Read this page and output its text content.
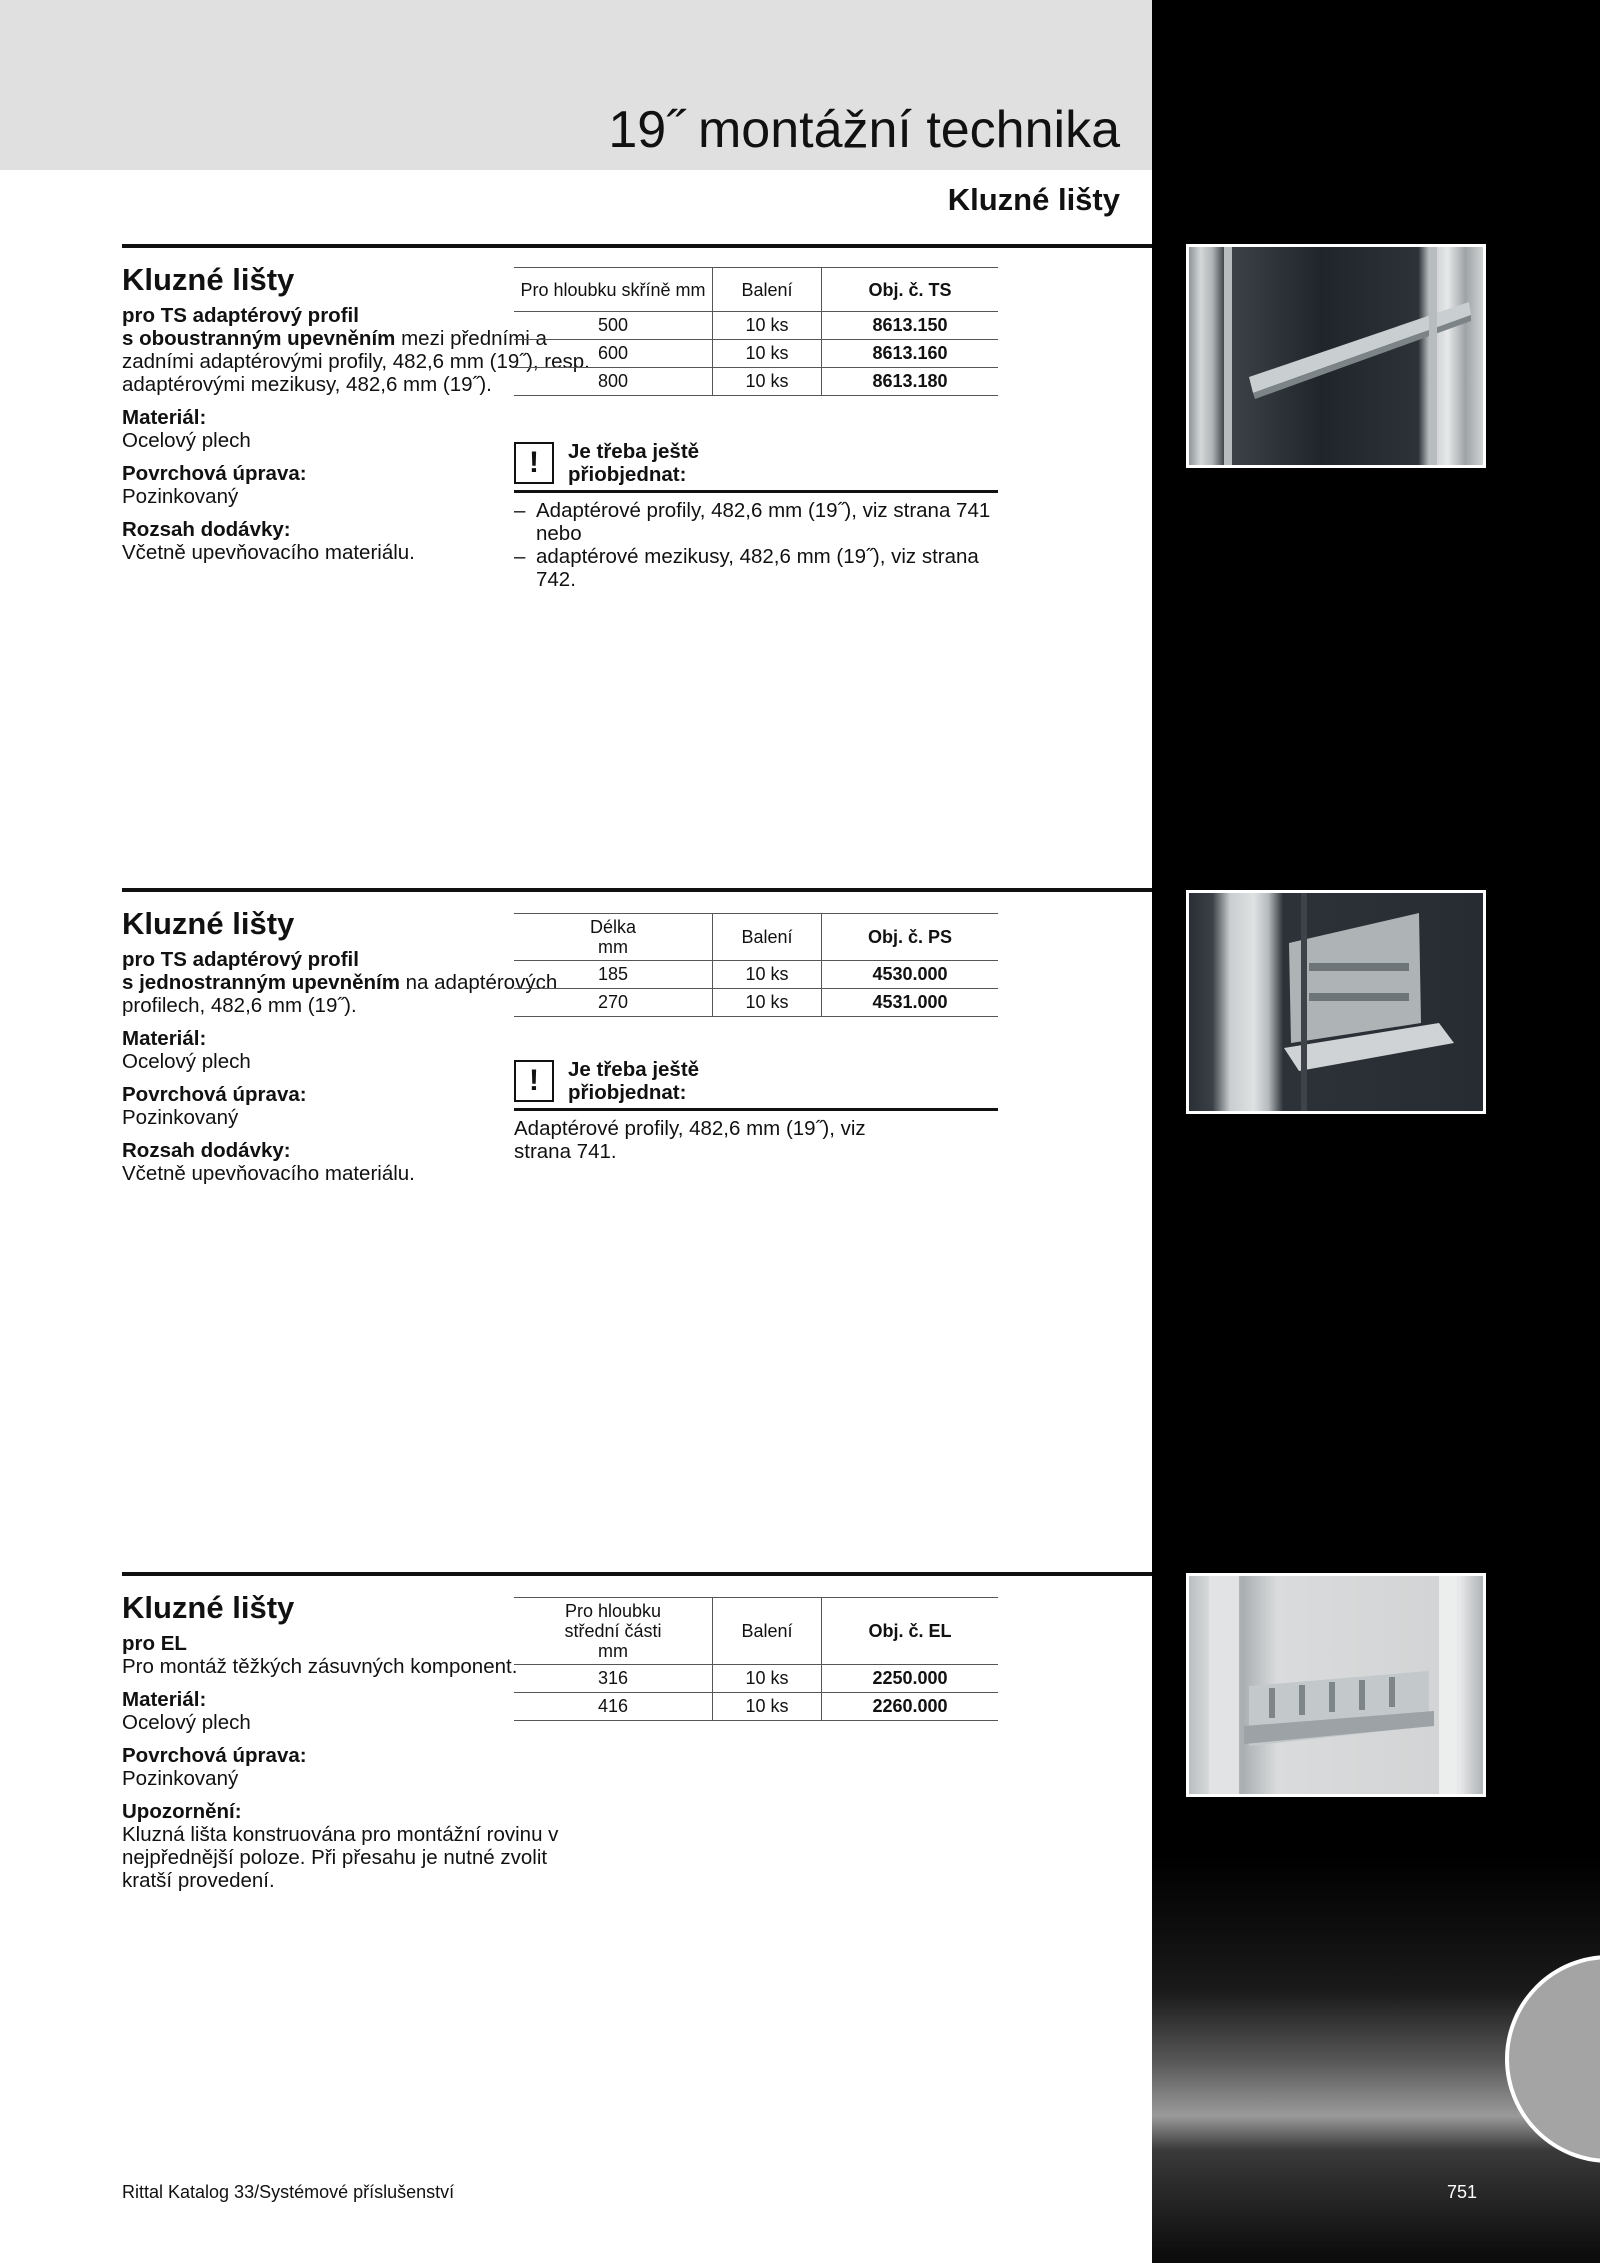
19˝ montážní technika
Kluzné lišty
Kluzné lišty

pro TS adaptérový profil
s oboustranným upevněním mezi předními a zadními adaptérovými profily, 482,6 mm (19˝), resp. adaptérovými mezikusy, 482,6 mm (19˝).

Materiál:
Ocelový plech

Povrchová úprava:
Pozinkovaný

Rozsah dodávky:
Včetně upevňovacího materiálu.

Pro hloubku skříně mm	Balení	Obj. č. TS
500	10 ks	8613.150
600	10 ks	8613.160
800	10 ks	8613.180
!	Je třeba ještě přiobjednat:
– Adaptérové profily, 482,6 mm (19˝), viz strana 741 nebo
– adaptérové mezikusy, 482,6 mm (19˝), viz strana 742.
Kluzné lišty

pro TS adaptérový profil
s jednostranným upevněním na adaptérových profilech, 482,6 mm (19˝).

Materiál:
Ocelový plech

Povrchová úprava:
Pozinkovaný

Rozsah dodávky:
Včetně upevňovacího materiálu.

Délka mm	Balení	Obj. č. PS
185	10 ks	4530.000
270	10 ks	4531.000
!	Je třeba ještě přiobjednat:
Adaptérové profily, 482,6 mm (19˝), viz strana 741.
Kluzné lišty

pro EL
Pro montáž těžkých zásuvných komponent.

Materiál:
Ocelový plech

Povrchová úprava:
Pozinkovaný

Upozornění:
Kluzná lišta konstruována pro montážní rovinu v nejpřednější poloze. Při přesahu je nutné zvolit kratší provedení.

Pro hloubku střední části mm	Balení	Obj. č. EL
316	10 ks	2250.000
416	10 ks	2260.000
Rittal Katalog 33/Systémové příslušenství	751
